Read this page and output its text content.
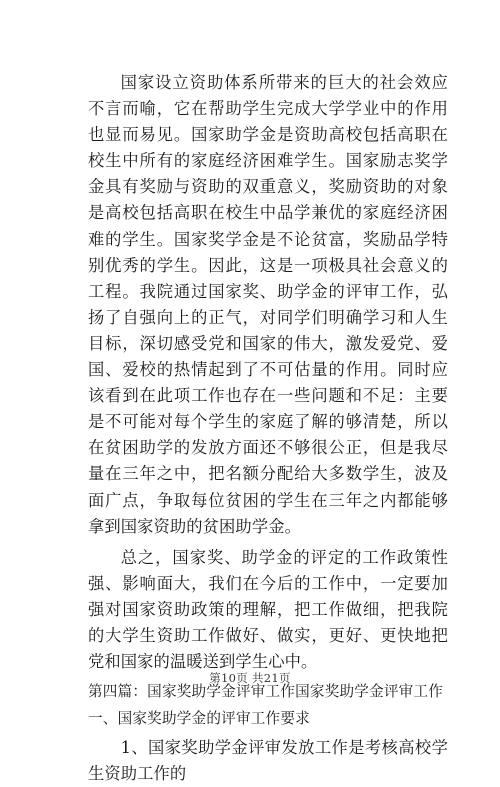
国家设立资助体系所带来的巨大的社会效应不言而喻，它在帮助学生完成大学学业中的作用也显而易见。国家助学金是资助高校包括高职在校生中所有的家庭经济困难学生。国家励志奖学金具有奖励与资助的双重意义，奖励资助的对象是高校包括高职在校生中品学兼优的家庭经济困难的学生。国家奖学金是不论贫富，奖励品学特别优秀的学生。因此，这是一项极具社会意义的工程。我院通过国家奖、助学金的评审工作，弘扬了自强向上的正气，对同学们明确学习和人生目标，深切感受党和国家的伟大，激发爱党、爱国、爱校的热情起到了不可估量的作用。同时应该看到在此项工作也存在一些问题和不足：主要是不可能对每个学生的家庭了解的够清楚，所以在贫困助学的发放方面还不够很公正，但是我尽量在三年之中，把名额分配给大多数学生，波及面广点，争取每位贫困的学生在三年之内都能够拿到国家资助的贫困助学金。

总之，国家奖、助学金的评定的工作政策性强、影响面大，我们在今后的工作中，一定要加强对国家资助政策的理解，把工作做细，把我院的大学生资助工作做好、做实，更好、更快地把党和国家的温暖送到学生心中。

第四篇：国家奖助学金评审工作国家奖助学金评审工作

一、国家奖助学金的评审工作要求

1、国家奖助学金评审发放工作是考核高校学生资助工作的

第10页 共21页
